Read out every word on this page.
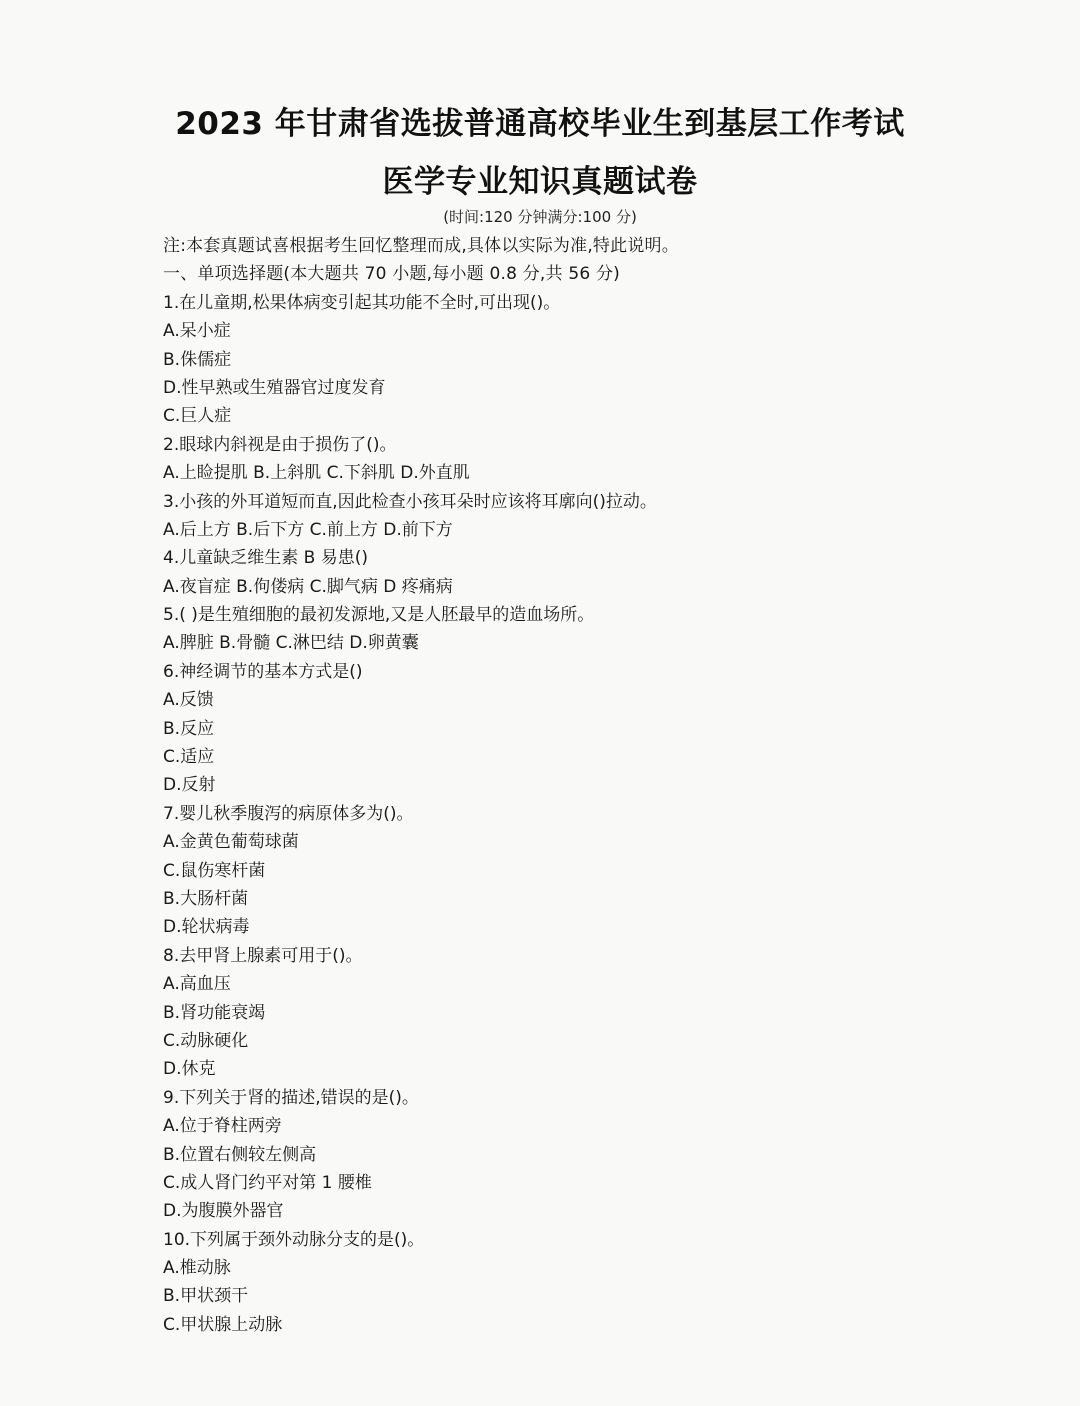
2023 年甘肃省选拔普通高校毕业生到基层工作考试
医学专业知识真题试卷
(时间:120 分钟满分:100 分)
注:本套真题试喜根据考生回忆整理而成,具体以实际为准,特此说明。
一、单项选择题(本大题共 70 小题,每小题 0.8 分,共 56 分)
1.在儿童期,松果体病变引起其功能不全时,可出现()。
A.呆小症
B.侏儒症
D.性早熟或生殖器官过度发育
C.巨人症
2.眼球内斜视是由于损伤了()。
A.上睑提肌 B.上斜肌 C.下斜肌 D.外直肌
3.小孩的外耳道短而直,因此检查小孩耳朵时应该将耳廓向()拉动。
A.后上方 B.后下方 C.前上方 D.前下方
4.儿童缺乏维生素 B 易患()
A.夜盲症 B.佝偻病 C.脚气病 D 疼痛病
5.( )是生殖细胞的最初发源地,又是人胚最早的造血场所。
A.脾脏 B.骨髓 C.淋巴结 D.卵黄囊
6.神经调节的基本方式是()
A.反馈
B.反应
C.适应
D.反射
7.婴儿秋季腹泻的病原体多为()。
A.金黄色葡萄球菌
C.鼠伤寒杆菌
B.大肠杆菌
D.轮状病毒
8.去甲肾上腺素可用于()。
A.高血压
B.肾功能衰竭
C.动脉硬化
D.休克
9.下列关于肾的描述,错误的是()。
A.位于脊柱两旁
B.位置右侧较左侧高
C.成人肾门约平对第 1 腰椎
D.为腹膜外器官
10.下列属于颈外动脉分支的是()。
A.椎动脉
B.甲状颈干
C.甲状腺上动脉
